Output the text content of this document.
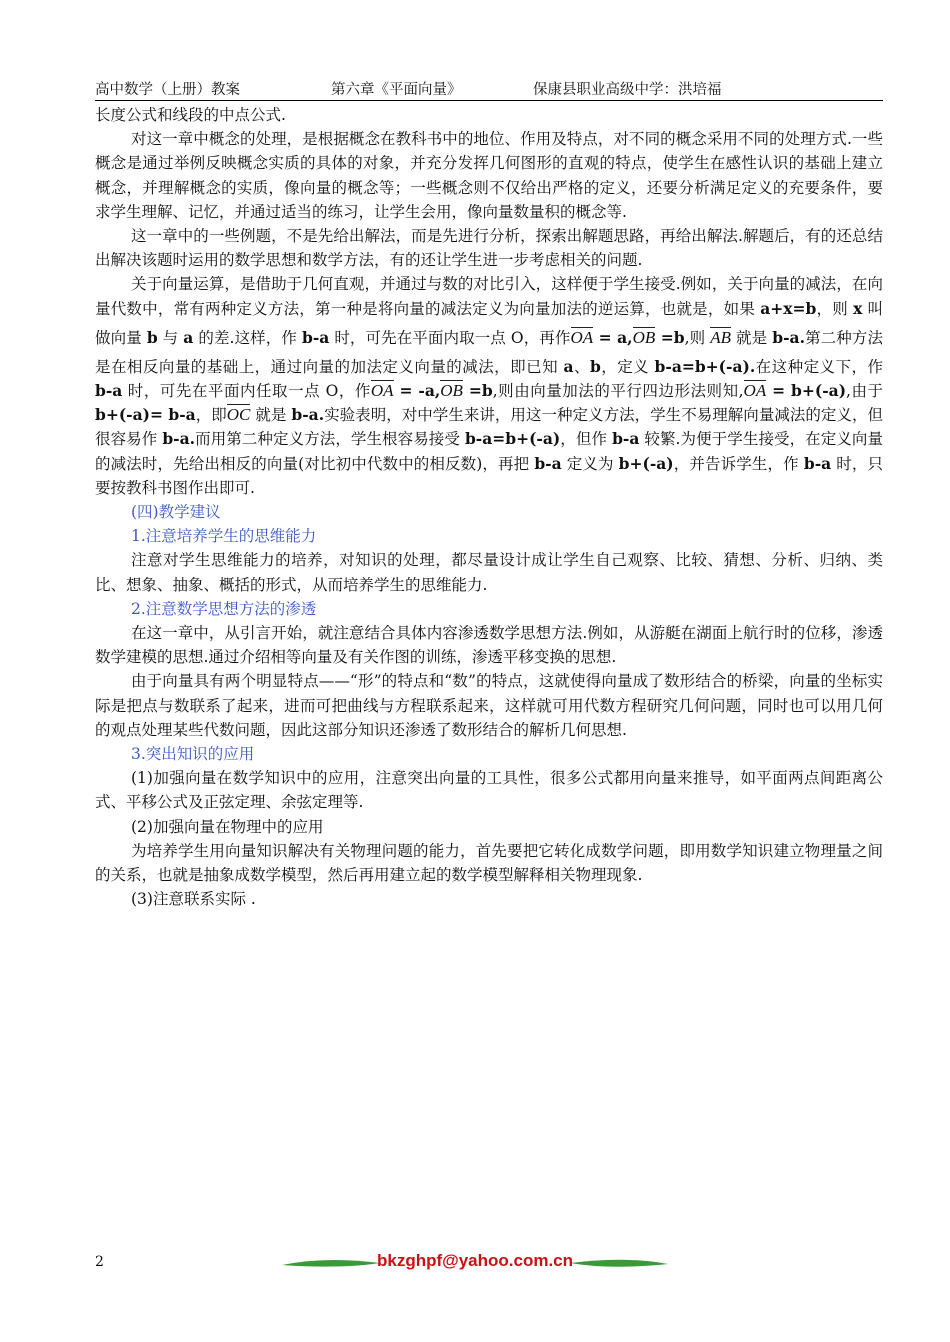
高中数学（上册）教案	第六章《平面向量》	保康县职业高级中学：洪培福

长度公式和线段的中点公式.

对这一章中概念的处理，是根据概念在教科书中的地位、作用及特点，对不同的概念采用不同的处理方式.一些概念是通过举例反映概念实质的具体的对象，并充分发挥几何图形的直观的特点，使学生在感性认识的基础上建立概念，并理解概念的实质，像向量的概念等；一些概念则不仅给出严格的定义，还要分析满足定义的充要条件，要求学生理解、记忆，并通过适当的练习，让学生会用，像向量数量积的概念等.

这一章中的一些例题，不是先给出解法，而是先进行分析，探索出解题思路，再给出解法.解题后，有的还总结出解决该题时运用的数学思想和数学方法，有的还让学生进一步考虑相关的问题.

关于向量运算，是借助于几何直观，并通过与数的对比引入，这样便于学生接受.例如，关于向量的减法，在向量代数中，常有两种定义方法，第一种是将向量的减法定义为向量加法的逆运算，也就是，如果 a+x=b，则 x 叫做向量 b 与 a 的差.这样，作 b-a 时，可先在平面内取一点 O，再作OA = a,OB =b,则 AB 就是 b-a.第二种方法是在相反向量的基础上，通过向量的加法定义向量的减法，即已知 a、b，定义 b-a=b+(-a).在这种定义下，作 b-a 时，可先在平面内任取一点 O，作OA = -a,OB =b,则由向量加法的平行四边形法则知,OA = b+(-a),由于 b+(-a)= b-a，即OC 就是 b-a.实验表明，对中学生来讲，用这一种定义方法，学生不易理解向量减法的定义，但很容易作 b-a.而用第二种定义方法，学生根容易接受 b-a=b+(-a)，但作 b-a 较繁.为便于学生接受，在定义向量的减法时，先给出相反的向量(对比初中代数中的相反数)，再把 b-a 定义为 b+(-a)，并告诉学生，作 b-a 时，只要按教科书图作出即可.

(四)教学建议

1.注意培养学生的思维能力

注意对学生思维能力的培养，对知识的处理，都尽量设计成让学生自己观察、比较、猜想、分析、归纳、类比、想象、抽象、概括的形式，从而培养学生的思维能力.

2.注意数学思想方法的渗透

在这一章中，从引言开始，就注意结合具体内容渗透数学思想方法.例如，从游艇在湖面上航行时的位移，渗透数学建模的思想.通过介绍相等向量及有关作图的训练，渗透平移变换的思想.

由于向量具有两个明显特点——“形”的特点和“数”的特点，这就使得向量成了数形结合的桥梁，向量的坐标实际是把点与数联系了起来，进而可把曲线与方程联系起来，这样就可用代数方程研究几何问题，同时也可以用几何的观点处理某些代数问题，因此这部分知识还渗透了数形结合的解析几何思想.

3.突出知识的应用

(1)加强向量在数学知识中的应用，注意突出向量的工具性，很多公式都用向量来推导，如平面两点间距离公式、平移公式及正弦定理、余弦定理等.

(2)加强向量在物理中的应用

为培养学生用向量知识解决有关物理问题的能力，首先要把它转化成数学问题，即用数学知识建立物理量之间的关系，也就是抽象成数学模型，然后再用建立起的数学模型解释相关物理现象.

(3)注意联系实际 .

2	bkzghpf@yahoo.com.cn
